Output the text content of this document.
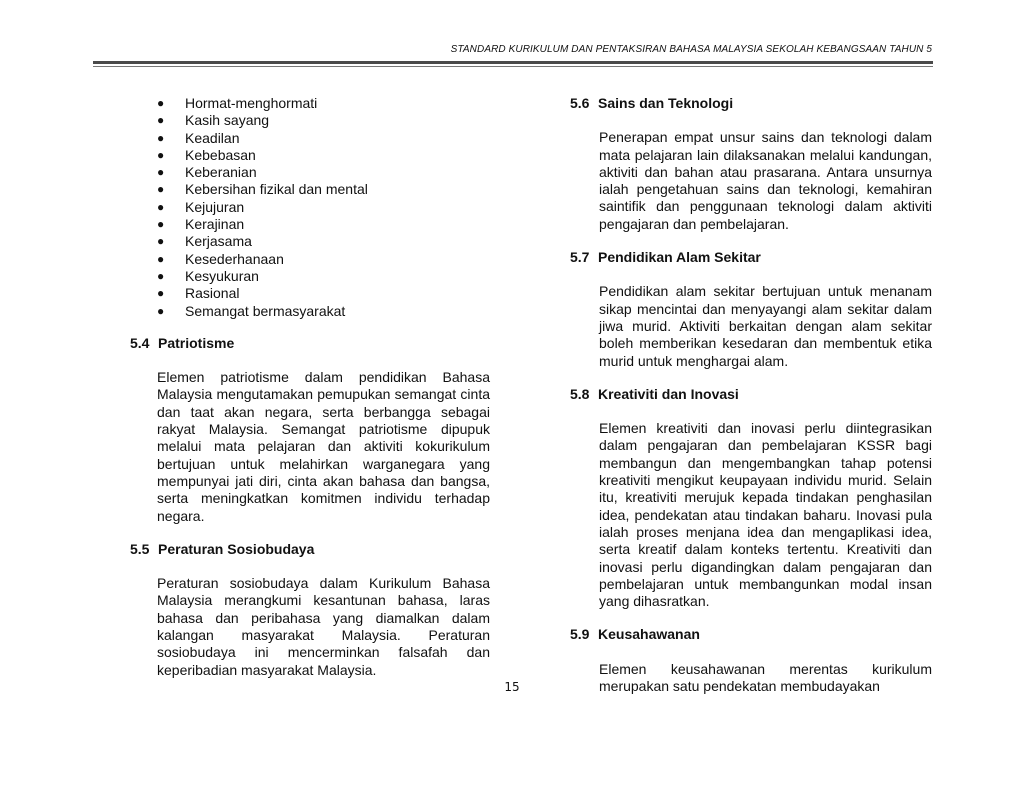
STANDARD KURIKULUM DAN PENTAKSIRAN BAHASA MALAYSIA SEKOLAH KEBANGSAAN TAHUN 5
● Hormat-menghormati
● Kasih sayang
● Keadilan
● Kebebasan
● Keberanian
● Kebersihan fizikal dan mental
● Kejujuran
● Kerajinan
● Kerjasama
● Kesederhanaan
● Kesyukuran
● Rasional
● Semangat bermasyarakat
5.4 Patriotisme
Elemen patriotisme dalam pendidikan Bahasa Malaysia mengutamakan pemupukan semangat cinta dan taat akan negara, serta berbangga sebagai rakyat Malaysia. Semangat patriotisme dipupuk melalui mata pelajaran dan aktiviti kokurikulum bertujuan untuk melahirkan warganegara yang mempunyai jati diri, cinta akan bahasa dan bangsa, serta meningkatkan komitmen individu terhadap negara.
5.5 Peraturan Sosiobudaya
Peraturan sosiobudaya dalam Kurikulum Bahasa Malaysia merangkumi kesantunan bahasa, laras bahasa dan peribahasa yang diamalkan dalam kalangan masyarakat Malaysia. Peraturan sosiobudaya ini mencerminkan falsafah dan keperibadian masyarakat Malaysia.
5.6 Sains dan Teknologi
Penerapan empat unsur sains dan teknologi dalam mata pelajaran lain dilaksanakan melalui kandungan, aktiviti dan bahan atau prasarana. Antara unsurnya ialah pengetahuan sains dan teknologi, kemahiran saintifik dan penggunaan teknologi dalam aktiviti pengajaran dan pembelajaran.
5.7 Pendidikan Alam Sekitar
Pendidikan alam sekitar bertujuan untuk menanam sikap mencintai dan menyayangi alam sekitar dalam jiwa murid. Aktiviti berkaitan dengan alam sekitar boleh memberikan kesedaran dan membentuk etika murid untuk menghargai alam.
5.8 Kreativiti dan Inovasi
Elemen kreativiti dan inovasi perlu diintegrasikan dalam pengajaran dan pembelajaran KSSR bagi membangun dan mengembangkan tahap potensi kreativiti mengikut keupayaan individu murid. Selain itu, kreativiti merujuk kepada tindakan penghasilan idea, pendekatan atau tindakan baharu. Inovasi pula ialah proses menjana idea dan mengaplikasi idea, serta kreatif dalam konteks tertentu. Kreativiti dan inovasi perlu digandingkan dalam pengajaran dan pembelajaran untuk membangunkan modal insan yang dihasratkan.
5.9 Keusahawanan
Elemen keusahawanan merentas kurikulum merupakan satu pendekatan membudayakan
15
